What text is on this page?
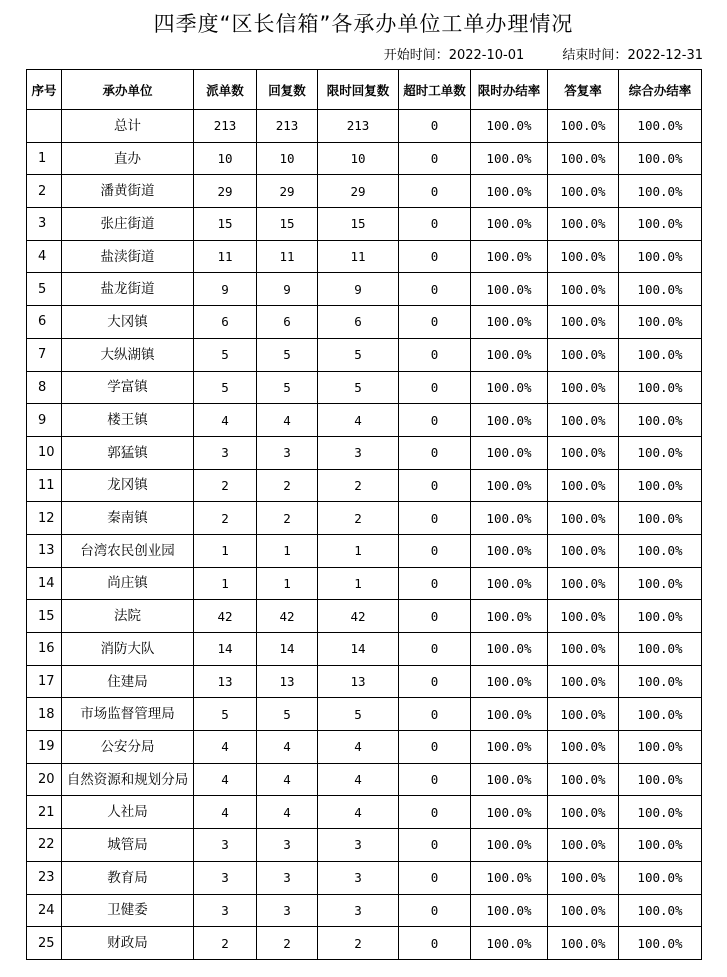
四季度“区长信箱”各承办单位工单办理情况
开始时间：2022-10-01	结束时间：2022-12-31
序号	承办单位	派单数	回复数	限时回复数	超时工单数	限时办结率	答复率	综合办结率
	总计	213	213	213	0	100.0%	100.0%	100.0%
1	直办	10	10	10	0	100.0%	100.0%	100.0%
2	潘黄街道	29	29	29	0	100.0%	100.0%	100.0%
3	张庄街道	15	15	15	0	100.0%	100.0%	100.0%
4	盐渎街道	11	11	11	0	100.0%	100.0%	100.0%
5	盐龙街道	9	9	9	0	100.0%	100.0%	100.0%
6	大冈镇	6	6	6	0	100.0%	100.0%	100.0%
7	大纵湖镇	5	5	5	0	100.0%	100.0%	100.0%
8	学富镇	5	5	5	0	100.0%	100.0%	100.0%
9	楼王镇	4	4	4	0	100.0%	100.0%	100.0%
10	郭猛镇	3	3	3	0	100.0%	100.0%	100.0%
11	龙冈镇	2	2	2	0	100.0%	100.0%	100.0%
12	秦南镇	2	2	2	0	100.0%	100.0%	100.0%
13	台湾农民创业园	1	1	1	0	100.0%	100.0%	100.0%
14	尚庄镇	1	1	1	0	100.0%	100.0%	100.0%
15	法院	42	42	42	0	100.0%	100.0%	100.0%
16	消防大队	14	14	14	0	100.0%	100.0%	100.0%
17	住建局	13	13	13	0	100.0%	100.0%	100.0%
18	市场监督管理局	5	5	5	0	100.0%	100.0%	100.0%
19	公安分局	4	4	4	0	100.0%	100.0%	100.0%
20	自然资源和规划分局	4	4	4	0	100.0%	100.0%	100.0%
21	人社局	4	4	4	0	100.0%	100.0%	100.0%
22	城管局	3	3	3	0	100.0%	100.0%	100.0%
23	教育局	3	3	3	0	100.0%	100.0%	100.0%
24	卫健委	3	3	3	0	100.0%	100.0%	100.0%
25	财政局	2	2	2	0	100.0%	100.0%	100.0%
